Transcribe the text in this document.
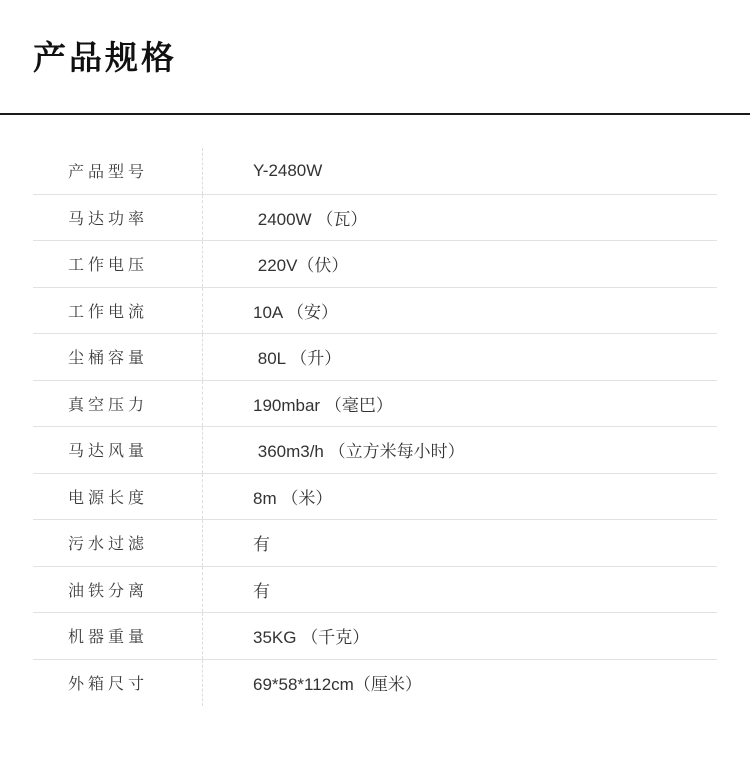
产品规格
产品型号	Y-2480W
马达功率	2400W （瓦）
工作电压	220V（伏）
工作电流	10A （安）
尘桶容量	80L （升）
真空压力	190mbar （毫巴）
马达风量	360m3/h （立方米每小时）
电源长度	8m （米）
污水过滤	有
油铁分离	有
机器重量	35KG （千克）
外箱尺寸	69*58*112cm（厘米）
